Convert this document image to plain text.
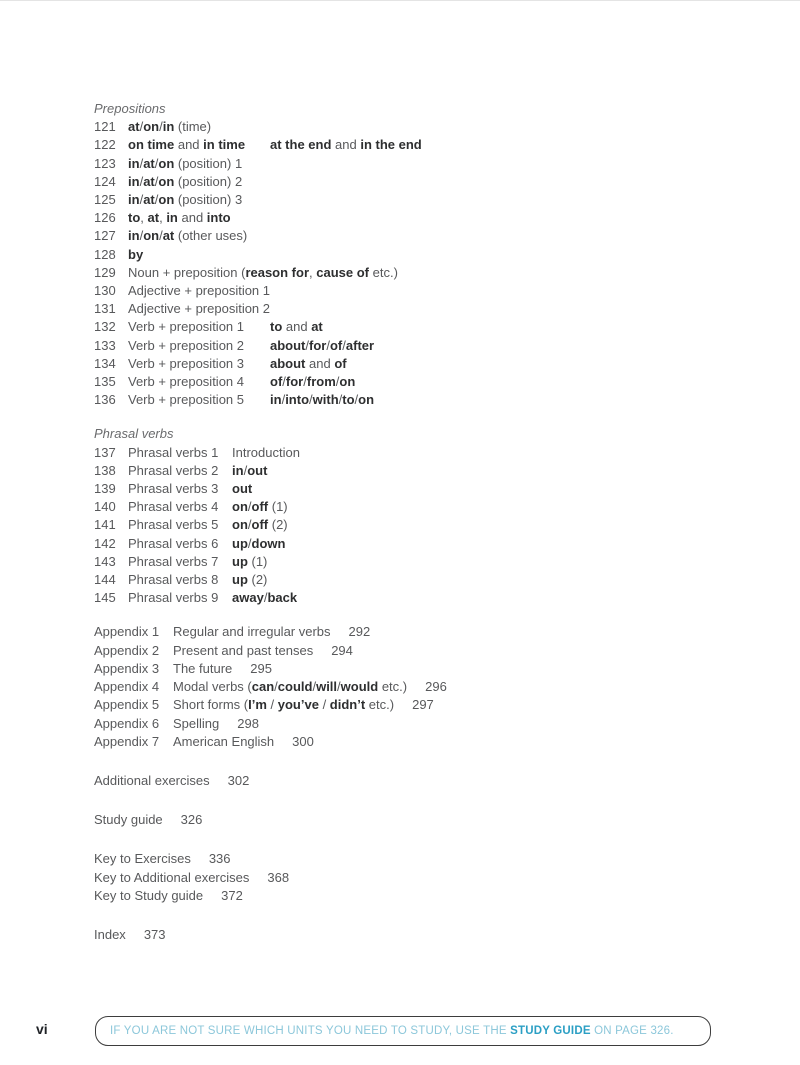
Prepositions
121 at/on/in (time)
122 on time and in time	at the end and in the end
123 in/at/on (position) 1
124 in/at/on (position) 2
125 in/at/on (position) 3
126 to, at, in and into
127 in/on/at (other uses)
128 by
129 Noun + preposition (reason for, cause of etc.)
130 Adjective + preposition 1
131 Adjective + preposition 2
132 Verb + preposition 1	to and at
133 Verb + preposition 2	about/for/of/after
134 Verb + preposition 3	about and of
135 Verb + preposition 4	of/for/from/on
136 Verb + preposition 5	in/into/with/to/on
Phrasal verbs
137 Phrasal verbs 1	Introduction
138 Phrasal verbs 2	in/out
139 Phrasal verbs 3	out
140 Phrasal verbs 4	on/off (1)
141 Phrasal verbs 5	on/off (2)
142 Phrasal verbs 6	up/down
143 Phrasal verbs 7	up (1)
144 Phrasal verbs 8	up (2)
145 Phrasal verbs 9	away/back
Appendix 1	Regular and irregular verbs 292
Appendix 2	Present and past tenses 294
Appendix 3	The future 295
Appendix 4	Modal verbs (can/could/will/would etc.) 296
Appendix 5	Short forms (I’m / you’ve / didn’t etc.) 297
Appendix 6	Spelling 298
Appendix 7	American English 300
Additional exercises 302
Study guide 326
Key to Exercises 336
Key to Additional exercises 368
Key to Study guide 372
Index 373
vi	IF YOU ARE NOT SURE WHICH UNITS YOU NEED TO STUDY, USE THE STUDY GUIDE ON PAGE 326.
